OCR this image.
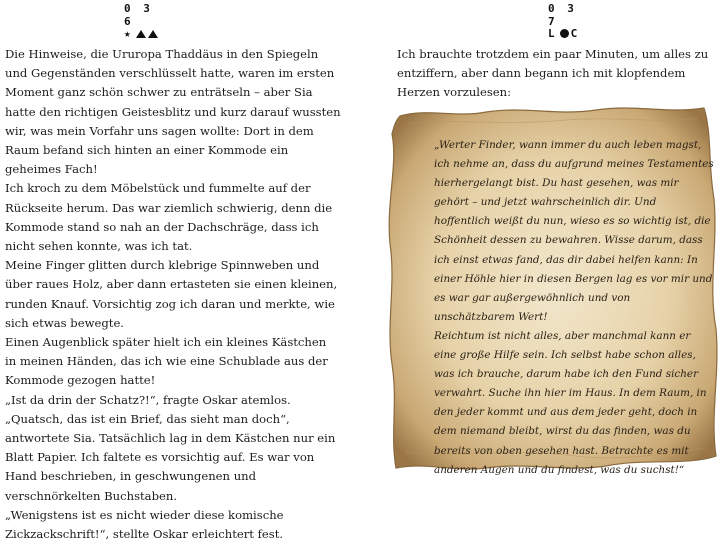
0 3 6
★
0 3 7
L C

Die Hinweise, die Ururopa Thaddäus in den Spiegeln und Gegenständen verschlüsselt hatte, waren im ersten Moment ganz schön schwer zu enträtseln – aber Sia hatte den richtigen Geistesblitz und kurz darauf wussten wir, was mein Vorfahr uns sagen wollte: Dort in dem Raum befand sich hinten an einer Kommode ein geheimes Fach!

Ich kroch zu dem Möbelstück und fummelte auf der Rückseite herum. Das war ziemlich schwierig, denn die Kommode stand so nah an der Dachschräge, dass ich nicht sehen konnte, was ich tat.

Meine Finger glitten durch klebrige Spinnweben und über raues Holz, aber dann ertasteten sie einen kleinen, runden Knauf. Vorsichtig zog ich daran und merkte, wie sich etwas bewegte.

Einen Augenblick später hielt ich ein kleines Kästchen in meinen Händen, das ich wie eine Schublade aus der Kommode gezogen hatte!

„Ist da drin der Schatz?!“, fragte Oskar atemlos.

„Quatsch, das ist ein Brief, das sieht man doch“, antwortete Sia. Tatsächlich lag in dem Kästchen nur ein Blatt Papier. Ich faltete es vorsichtig auf. Es war von Hand beschrieben, in geschwungenen und verschnörkelten Buchstaben.

„Wenigstens ist es nicht wieder diese komische Zickzackschrift!“, stellte Oskar erleichtert fest.

Ich brauchte trotzdem ein paar Minuten, um alles zu entziffern, aber dann begann ich mit klopfendem Herzen vorzulesen:

„Werter Finder, wann immer du auch leben magst, ich nehme an, dass du aufgrund meines Testamentes hierhergelangt bist. Du hast gesehen, was mir gehört – und jetzt wahrscheinlich dir. Und hoffentlich weißt du nun, wieso es so wichtig ist, die Schönheit dessen zu bewahren. Wisse darum, dass ich einst etwas fand, das dir dabei helfen kann: In einer Höhle hier in diesen Bergen lag es vor mir und es war gar außergewöhnlich und von unschätzbarem Wert!

Reichtum ist nicht alles, aber manchmal kann er eine große Hilfe sein. Ich selbst habe schon alles, was ich brauche, darum habe ich den Fund sicher verwahrt. Suche ihn hier im Haus. In dem Raum, in den jeder kommt und aus dem jeder geht, doch in dem niemand bleibt, wirst du das finden, was du bereits von oben gesehen hast. Betrachte es mit anderen Augen und du findest, was du suchst!“
